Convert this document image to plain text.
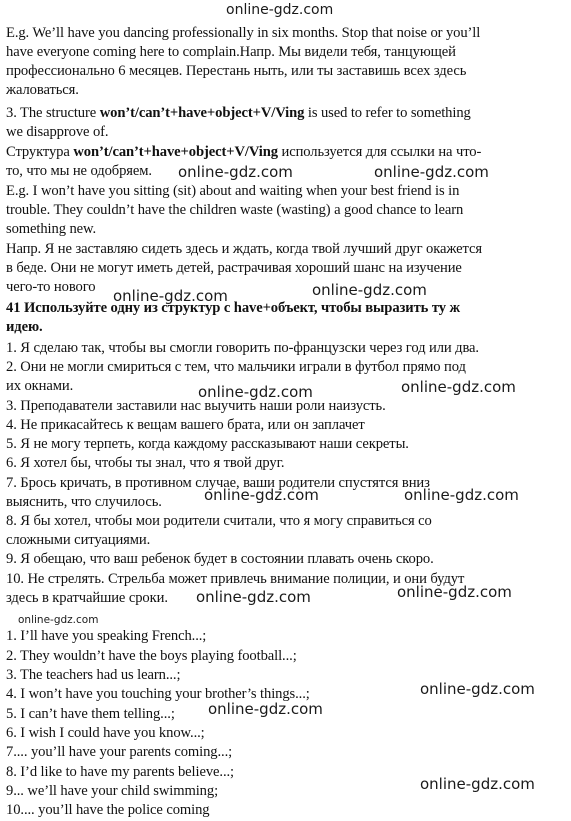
online-gdz.com
E.g. We’ll have you dancing professionally in six months. Stop that noise or you’ll
have everyone coming here to complain.Напр. Мы видели тебя, танцующей
профессионально 6 месяцев. Перестань ныть, или ты заставишь всех здесь
жаловаться.
3. The structure won’t/can’t+have+object+V/Ving is used to refer to something
we disapprove of.
Структура won’t/can’t+have+object+V/Ving используется для ссылки на что-
то, что мы не одобряем. online-gdz.com	online-gdz.com
E.g. I won’t have you sitting (sit) about and waiting when your best friend is in
trouble. They couldn’t have the children waste (wasting) a good chance to learn
something new.
Напр. Я не заставляю сидеть здесь и ждать, когда твой лучший друг окажется
в беде. Они не могут иметь детей, растрачивая хороший шанс на изучение
чего-то нового	online-gdz.com
online-gdz.com
41 Используйте одну из структур с have+объект, чтобы выразить ту ж
идею.
1. Я сделаю так, чтобы вы смогли говорить по-французски через год или два.
2. Они не могли смириться с тем, что мальчики играли в футбол прямо под
их окнами.	online-gdz.com
online-gdz.com
3. Преподаватели заставили нас выучить наши роли наизусть.
4. Не прикасайтесь к вещам вашего брата, или он заплачет
5. Я не могу терпеть, когда каждому рассказывают наши секреты.
6. Я хотел бы, чтобы ты знал, что я твой друг.
7. Брось кричать, в противном случае, ваши родители спустятся вниз
выяснить, что случилось.	online-gdz.com	online-gdz.com
8. Я бы хотел, чтобы мои родители считали, что я могу справиться со
сложными ситуациями.
9. Я обещаю, что ваш ребенок будет в состоянии плавать очень скоро.
10. Не стрелять. Стрельба может привлечь внимание полиции, и они будут
здесь в кратчайшие сроки.	online-gdz.com
online-gdz.com
online-gdz.com
1. I’ll have you speaking French...;
2. They wouldn’t have the boys playing football...;
3. The teachers had us learn...;
4. I won’t have you touching your brother’s things...;	online-gdz.com
5. I can’t have them telling...; online-gdz.com
6. I wish I could have you know...;
7.... you’ll have your parents coming...;
8. I’d like to have my parents believe...;
online-gdz.com
9... we’ll have your child swimming;
10.... you’ll have the police coming
